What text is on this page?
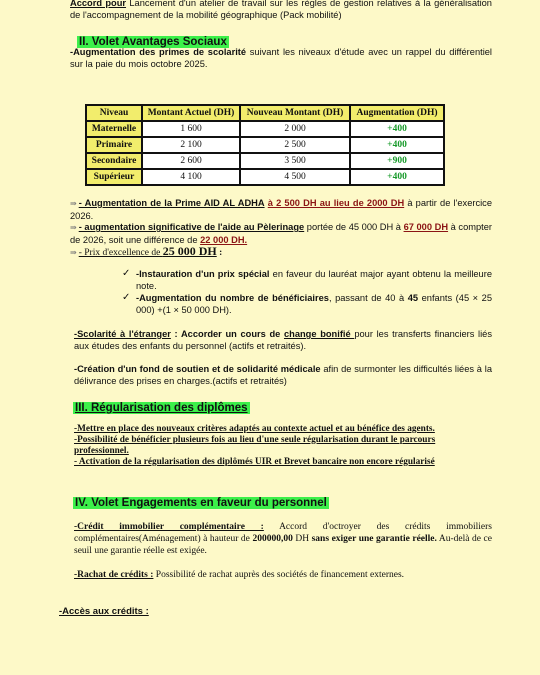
Accord pour Lancement d'un atelier de travail sur les règles de gestion relatives à la généralisation de l'accompagnement de la mobilité géographique (Pack mobilité)
II. Volet Avantages Sociaux
-Augmentation des primes de scolarité suivant les niveaux d'étude avec un rappel du différentiel sur la paie du mois octobre 2025.
Niveau	Montant Actuel (DH)	Nouveau Montant (DH)	Augmentation (DH)
Maternelle	1 600	2 000	+400
Primaire	2 100	2 500	+400
Secondaire	2 600	3 500	+900
Supérieur	4 100	4 500	+400
⇛ - Augmentation de la Prime AID AL ADHA à 2 500 DH au lieu de 2000 DH à partir de l'exercice 2026.
⇛ - augmentation significative de l'aide au Pèlerinage portée de 45 000 DH à 67 000 DH à compter de 2026, soit une différence de 22 000 DH.
⇛ - Prix d'excellence de 25 000 DH :
✓ -Instauration d'un prix spécial en faveur du lauréat major ayant obtenu la meilleure note.
✓ -Augmentation du nombre de bénéficiaires, passant de 40 à 45 enfants (45 × 25 000) +(1 × 50 000 DH).
-Scolarité à l'étranger : Accorder un cours de change bonifié pour les transferts financiers liés aux études des enfants du personnel (actifs et retraités).
-Création d'un fond de soutien et de solidarité médicale afin de surmonter les difficultés liées à la délivrance des prises en charges.(actifs et retraités)
III. Régularisation des diplômes
-Mettre en place des nouveaux critères adaptés au contexte actuel et au bénéfice des agents.
-Possibilité de bénéficier plusieurs fois au lieu d'une seule régularisation durant le parcours professionnel.
- Activation de la régularisation des diplômés UIR et Brevet bancaire non encore régularisé
IV. Volet Engagements en faveur du personnel
-Crédit immobilier complémentaire : Accord d'octroyer des crédits immobiliers complémentaires(Aménagement) à hauteur de 200000,00 DH sans exiger une garantie réelle. Au-delà de ce seuil une garantie réelle est exigée.
-Rachat de crédits : Possibilité de rachat auprès des sociétés de financement externes.
-Accès aux crédits :
